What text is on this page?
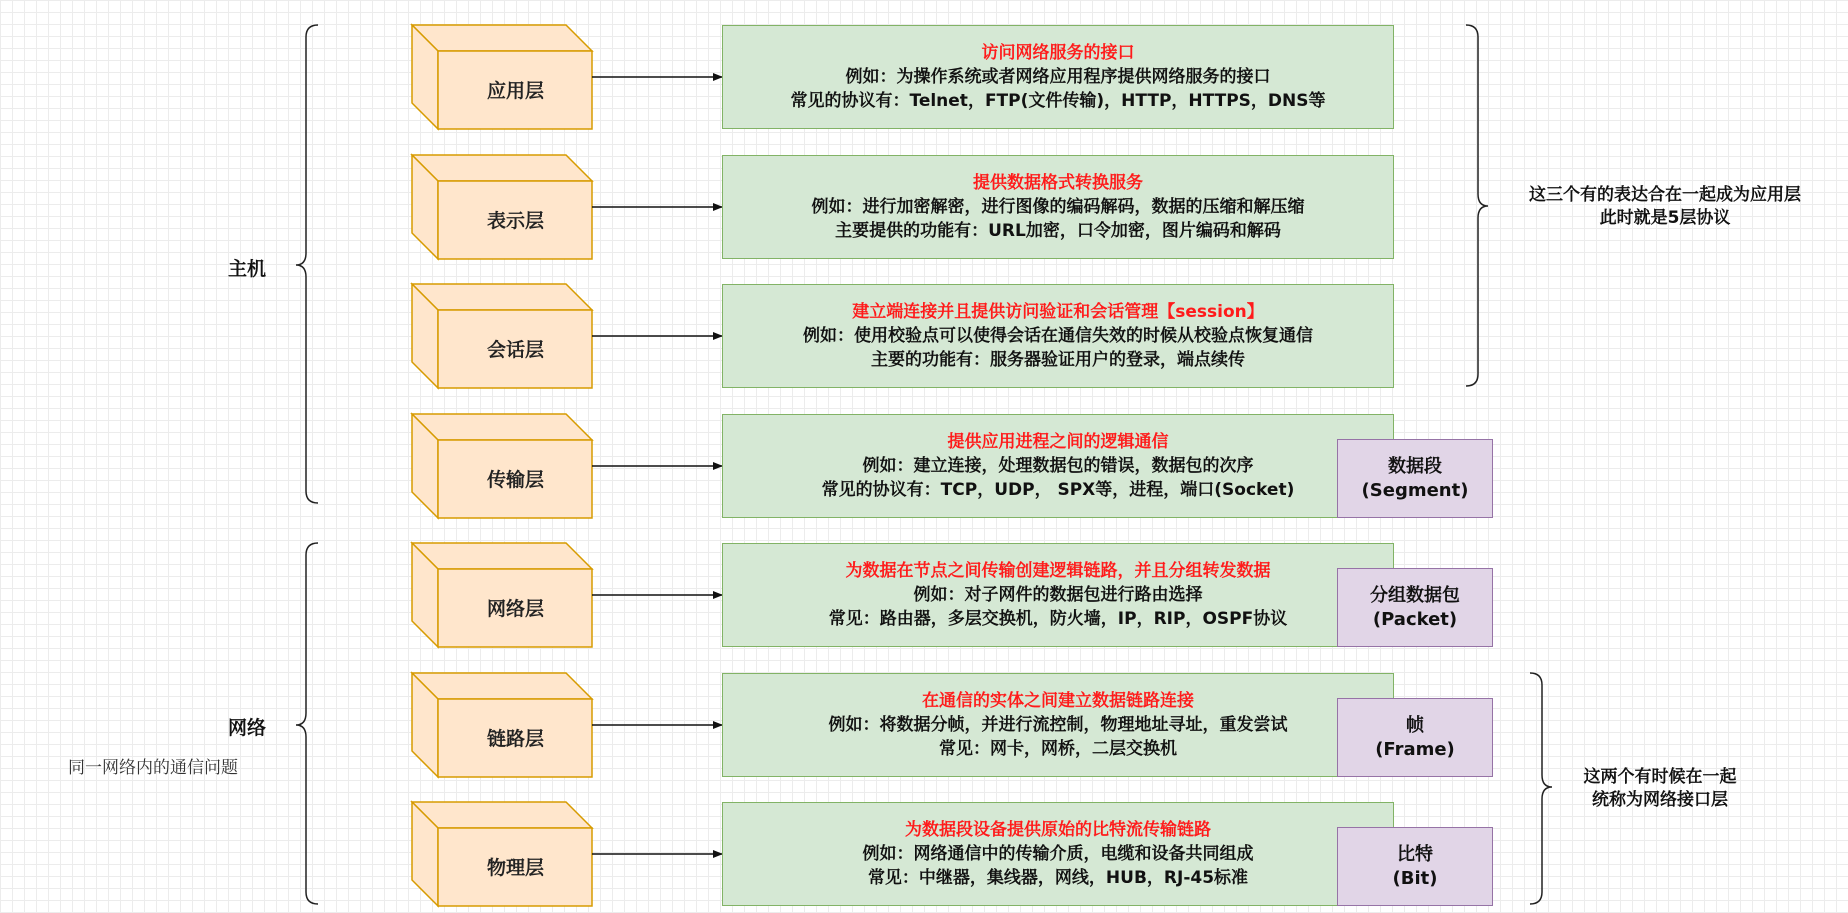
应用层
访问网络服务的接口
例如：为操作系统或者网络应用程序提供网络服务的接口
常见的协议有：Telnet，FTP(文件传输)，HTTP，HTTPS，DNS等
表示层
提供数据格式转换服务
例如：进行加密解密，进行图像的编码解码，数据的压缩和解压缩
主要提供的功能有：URL加密，口令加密，图片编码和解码
会话层
建立端连接并且提供访问验证和会话管理【session】
例如：使用校验点可以使得会话在通信失效的时候从校验点恢复通信
主要的功能有：服务器验证用户的登录，端点续传
传输层
提供应用进程之间的逻辑通信
例如：建立连接，处理数据包的错误，数据包的次序
常见的协议有：TCP，UDP， SPX等，进程，端口(Socket)
数据段
(Segment)
网络层
为数据在节点之间传输创建逻辑链路，并且分组转发数据
例如：对子网件的数据包进行路由选择
常见：路由器，多层交换机，防火墙，IP，RIP，OSPF协议
分组数据包
(Packet)
链路层
在通信的实体之间建立数据链路连接
例如：将数据分帧，并进行流控制，物理地址寻址，重发尝试
常见：网卡，网桥，二层交换机
帧
(Frame)
物理层
为数据段设备提供原始的比特流传输链路
例如：网络通信中的传输介质，电缆和设备共同组成
常见：中继器，集线器，网线，HUB，RJ-45标准
比特
(Bit)
主机
网络
同一网络内的通信问题
这三个有的表达合在一起成为应用层
此时就是5层协议
这两个有时候在一起
统称为网络接口层
